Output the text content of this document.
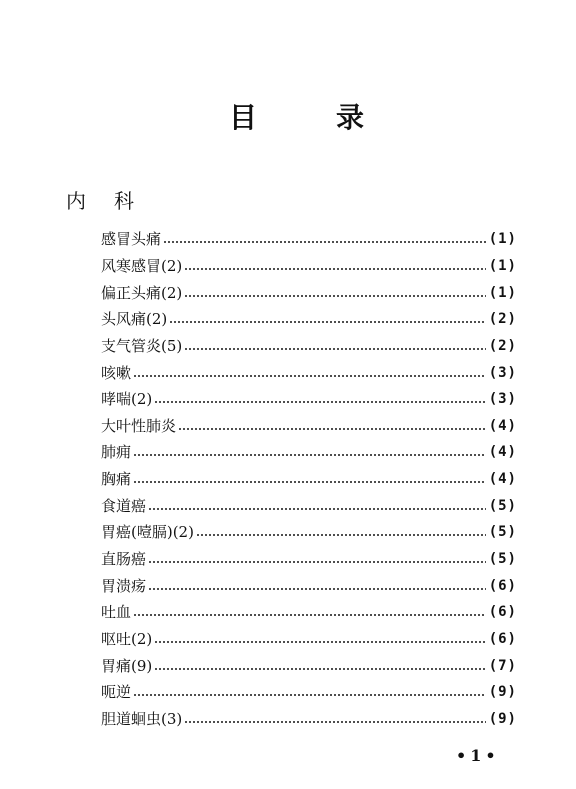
目	录
内 科
感冒头痛	(1)
风寒感冒(2)	(1)
偏正头痛(2)	(1)
头风痛(2)	(2)
支气管炎(5)	(2)
咳嗽	(3)
哮喘(2)	(3)
大叶性肺炎	(4)
肺痈	(4)
胸痛	(4)
食道癌	(5)
胃癌(噎膈)(2)	(5)
直肠癌	(5)
胃溃疡	(6)
吐血	(6)
呕吐(2)	(6)
胃痛(9)	(7)
呃逆	(9)
胆道蛔虫(3)	(9)
•1•
